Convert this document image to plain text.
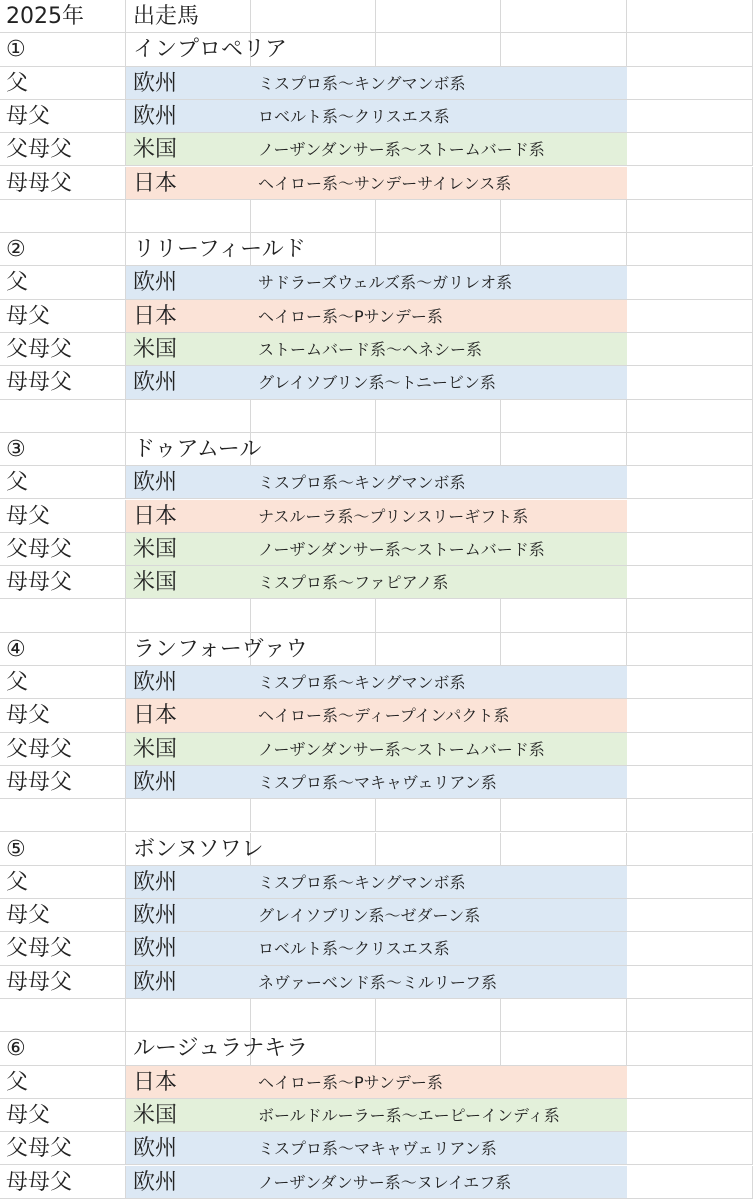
2025年 出走馬
①	インプロペリア
父	欧州	ミスプロ系～キングマンボ系
母父	欧州	ロベルト系～クリスエス系
父母父	米国	ノーザンダンサー系～ストームバード系
母母父	日本	ヘイロー系～サンデーサイレンス系
②	リリーフィールド
父	欧州	サドラーズウェルズ系～ガリレオ系
母父	日本	ヘイロー系～Pサンデー系
父母父	米国	ストームバード系～ヘネシー系
母母父	欧州	グレイソブリン系～トニービン系
③	ドゥアムール
父	欧州	ミスプロ系～キングマンボ系
母父	日本	ナスルーラ系～プリンスリーギフト系
父母父	米国	ノーザンダンサー系～ストームバード系
母母父	米国	ミスプロ系～ファピアノ系
④	ランフォーヴァウ
父	欧州	ミスプロ系～キングマンボ系
母父	日本	ヘイロー系～ディープインパクト系
父母父	米国	ノーザンダンサー系～ストームバード系
母母父	欧州	ミスプロ系～マキャヴェリアン系
⑤	ボンヌソワレ
父	欧州	ミスプロ系～キングマンボ系
母父	欧州	グレイソブリン系～ゼダーン系
父母父	欧州	ロベルト系～クリスエス系
母母父	欧州	ネヴァーベンド系～ミルリーフ系
⑥	ルージュラナキラ
父	日本	ヘイロー系～Pサンデー系
母父	米国	ボールドルーラー系～エーピーインディ系
父母父	欧州	ミスプロ系～マキャヴェリアン系
母母父	欧州	ノーザンダンサー系～ヌレイエフ系
